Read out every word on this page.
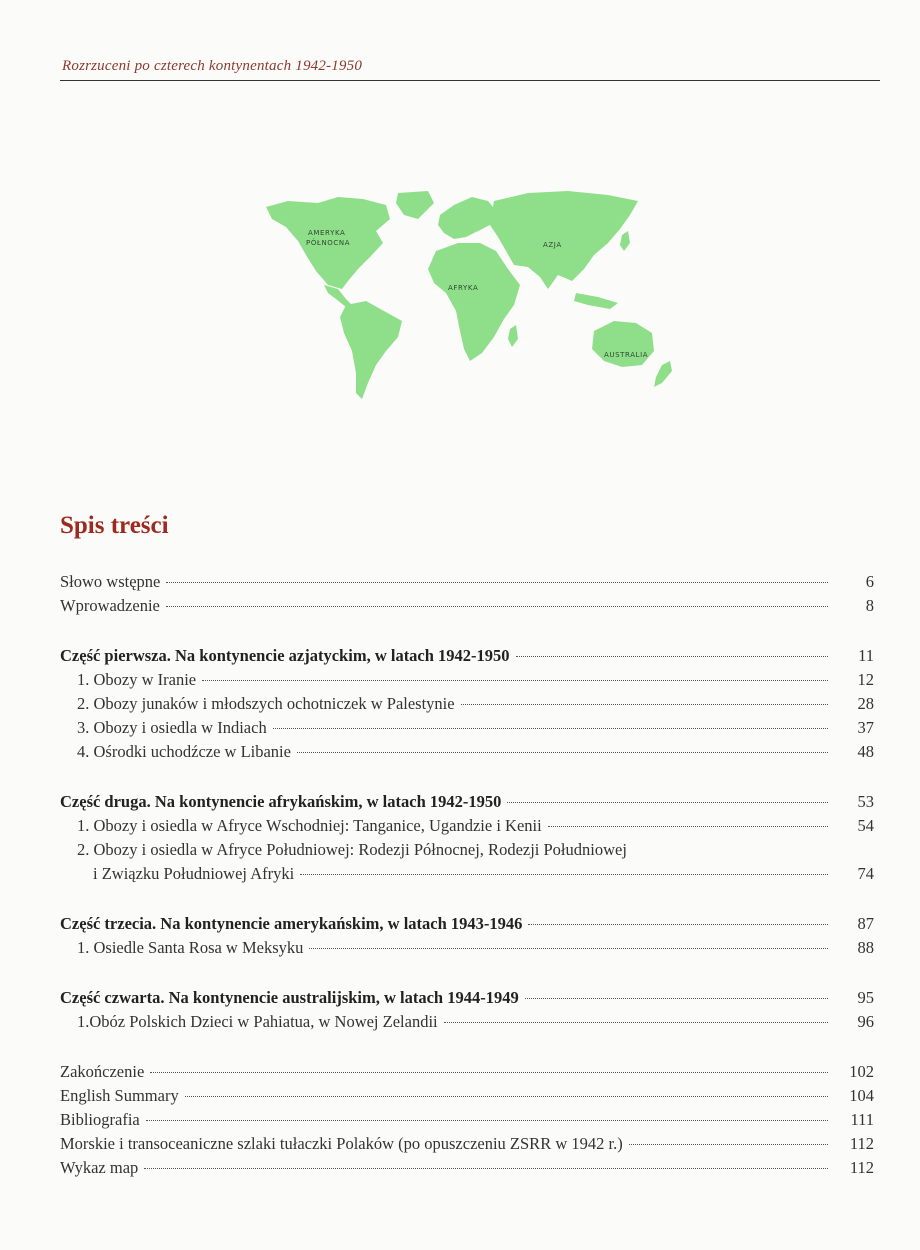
Rozrzuceni po czterech kontynentach 1942-1950
AMERYKA
PÓŁNOCNA	AZJA
AFRYKA
AUSTRALIA
Spis treści
Słowo wstępne	6
Wprowadzenie	8
Część pierwsza. Na kontynencie azjatyckim, w latach 1942-1950	11
1. Obozy w Iranie	12
2. Obozy junaków i młodszych ochotniczek w Palestynie	28
3. Obozy i osiedla w Indiach	37
4. Ośrodki uchodźcze w Libanie	48
Część druga. Na kontynencie afrykańskim, w latach 1942-1950	53
1. Obozy i osiedla w Afryce Wschodniej: Tanganice, Ugandzie i Kenii	54
2. Obozy i osiedla w Afryce Południowej: Rodezji Północnej, Rodezji Południowej
i Związku Południowej Afryki	74
Część trzecia. Na kontynencie amerykańskim, w latach 1943-1946	87
1. Osiedle Santa Rosa w Meksyku	88
Część czwarta. Na kontynencie australijskim, w latach 1944-1949	95
1.Obóz Polskich Dzieci w Pahiatua, w Nowej Zelandii	96
Zakończenie	102
English Summary	104
Bibliografia	111
Morskie i transoceaniczne szlaki tułaczki Polaków (po opuszczeniu ZSRR w 1942 r.)	112
Wykaz map	112
